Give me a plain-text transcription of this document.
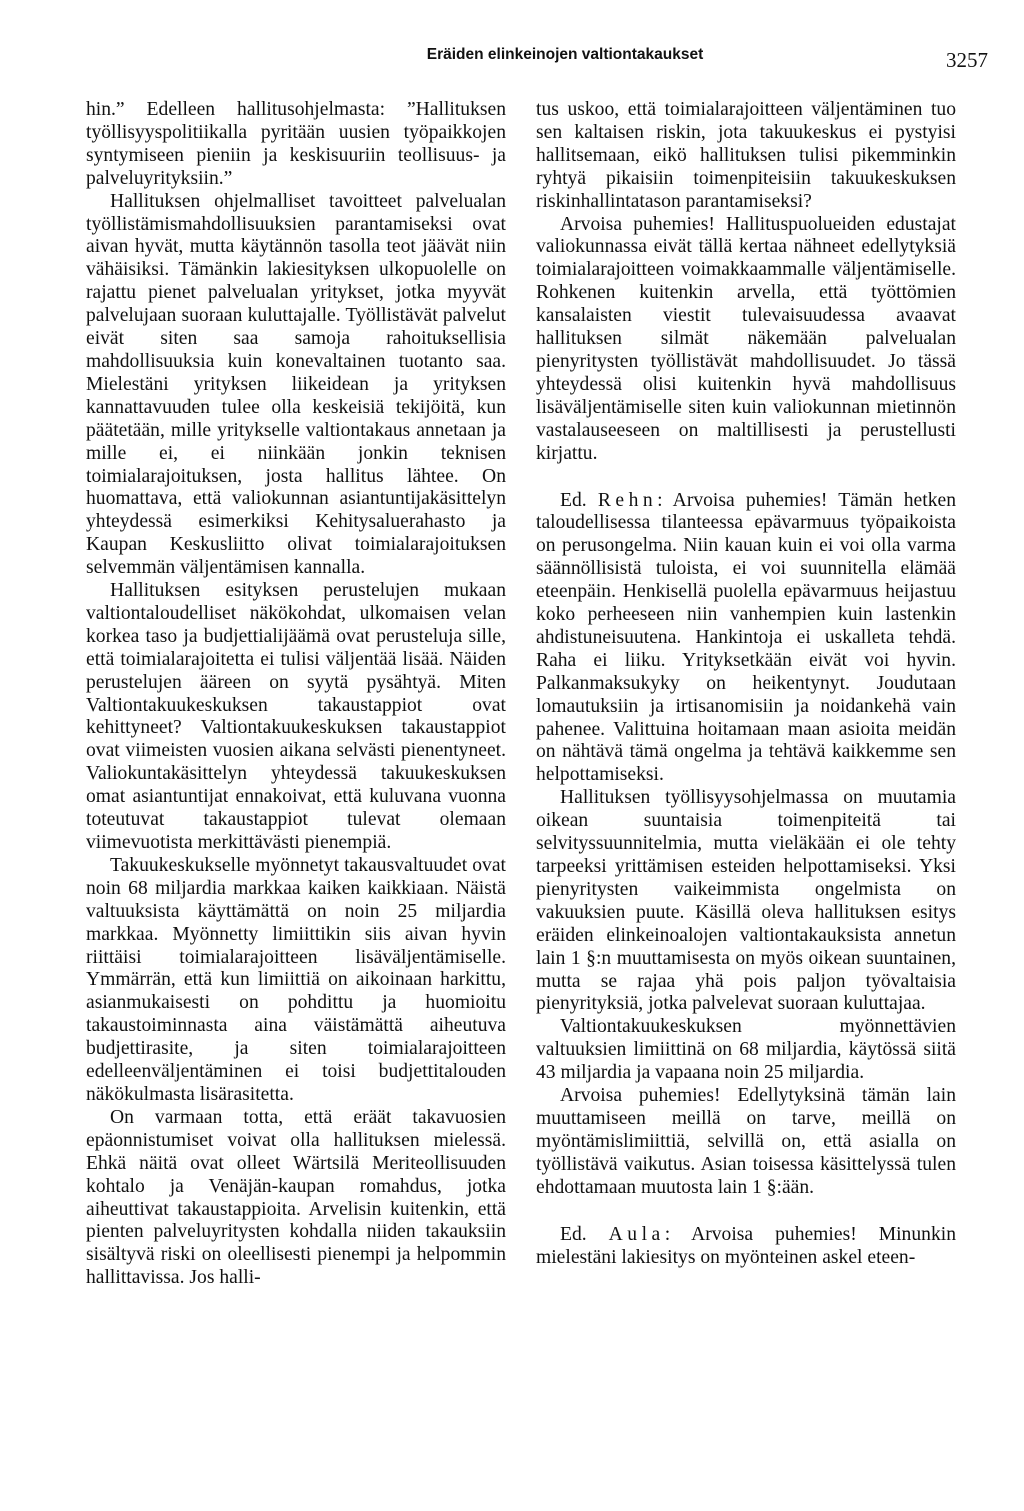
Eräiden elinkeinojen valtiontakaukset	3257

hin.” Edelleen hallitusohjelmasta: ”Hallituksen työllisyyspolitiikalla pyritään uusien työpaikkojen syntymiseen pieniin ja keskisuuriin teollisuus- ja palveluyrityksiin.”

Hallituksen ohjelmalliset tavoitteet palvelualan työllistämismahdollisuuksien parantamiseksi ovat aivan hyvät, mutta käytännön tasolla teot jäävät niin vähäisiksi. Tämänkin lakiesityksen ulkopuolelle on rajattu pienet palvelualan yritykset, jotka myyvät palvelujaan suoraan kuluttajalle. Työllistävät palvelut eivät siten saa samoja rahoituksellisia mahdollisuuksia kuin konevaltainen tuotanto saa. Mielestäni yrityksen liikeidean ja yrityksen kannattavuuden tulee olla keskeisiä tekijöitä, kun päätetään, mille yritykselle valtiontakaus annetaan ja mille ei, ei niinkään jonkin teknisen toimialarajoituksen, josta hallitus lähtee. On huomattava, että valiokunnan asiantuntijakäsittelyn yhteydessä esimerkiksi Kehitysaluerahasto ja Kaupan Keskusliitto olivat toimialarajoituksen selvemmän väljentämisen kannalla.

Hallituksen esityksen perustelujen mukaan valtiontaloudelliset näkökohdat, ulkomaisen velan korkea taso ja budjettialijäämä ovat perusteluja sille, että toimialarajoitetta ei tulisi väljentää lisää. Näiden perustelujen ääreen on syytä pysähtyä. Miten Valtiontakuukeskuksen takaustappiot ovat kehittyneet? Valtiontakuukeskuksen takaustappiot ovat viimeisten vuosien aikana selvästi pienentyneet. Valiokuntakäsittelyn yhteydessä takuukeskuksen omat asiantuntijat ennakoivat, että kuluvana vuonna toteutuvat takaustappiot tulevat olemaan viimevuotista merkittävästi pienempiä.

Takuukeskukselle myönnetyt takausvaltuudet ovat noin 68 miljardia markkaa kaiken kaikkiaan. Näistä valtuuksista käyttämättä on noin 25 miljardia markkaa. Myönnetty limiittikin siis aivan hyvin riittäisi toimialarajoitteen lisäväljentämiselle. Ymmärrän, että kun limiittiä on aikoinaan harkittu, asianmukaisesti on pohdittu ja huomioitu takaustoiminnasta aina väistämättä aiheutuva budjettirasite, ja siten toimialarajoitteen edelleenväljentäminen ei toisi budjettitalouden näkökulmasta lisärasitetta.

On varmaan totta, että eräät takavuosien epäonnistumiset voivat olla hallituksen mielessä. Ehkä näitä ovat olleet Wärtsilä Meriteollisuuden kohtalo ja Venäjän-kaupan romahdus, jotka aiheuttivat takaustappioita. Arvelisin kuitenkin, että pienten palveluyritysten kohdalla niiden takauksiin sisältyvä riski on oleellisesti pienempi ja helpommin hallittavissa. Jos halli-

tus uskoo, että toimialarajoitteen väljentäminen tuo sen kaltaisen riskin, jota takuukeskus ei pystyisi hallitsemaan, eikö hallituksen tulisi pikemminkin ryhtyä pikaisiin toimenpiteisiin takuukeskuksen riskinhallintatason parantamiseksi?

Arvoisa puhemies! Hallituspuolueiden edustajat valiokunnassa eivät tällä kertaa nähneet edellytyksiä toimialarajoitteen voimakkaammalle väljentämiselle. Rohkenen kuitenkin arvella, että työttömien kansalaisten viestit tulevaisuudessa avaavat hallituksen silmät näkemään palvelualan pienyritysten työllistävät mahdollisuudet. Jo tässä yhteydessä olisi kuitenkin hyvä mahdollisuus lisäväljentämiselle siten kuin valiokunnan mietinnön vastalauseeseen on maltillisesti ja perustellusti kirjattu.

Ed. Rehn: Arvoisa puhemies! Tämän hetken taloudellisessa tilanteessa epävarmuus työpaikoista on perusongelma. Niin kauan kuin ei voi olla varma säännöllisistä tuloista, ei voi suunnitella elämää eteenpäin. Henkisellä puolella epävarmuus heijastuu koko perheeseen niin vanhempien kuin lastenkin ahdistuneisuutena. Hankintoja ei uskalleta tehdä. Raha ei liiku. Yrityksetkään eivät voi hyvin. Palkanmaksukyky on heikentynyt. Joudutaan lomautuksiin ja irtisanomisiin ja noidankehä vain pahenee. Valittuina hoitamaan maan asioita meidän on nähtävä tämä ongelma ja tehtävä kaikkemme sen helpottamiseksi.

Hallituksen työllisyysohjelmassa on muutamia oikean suuntaisia toimenpiteitä tai selvityssuunnitelmia, mutta vieläkään ei ole tehty tarpeeksi yrittämisen esteiden helpottamiseksi. Yksi pienyritysten vaikeimmista ongelmista on vakuuksien puute. Käsillä oleva hallituksen esitys eräiden elinkeinoalojen valtiontakauksista annetun lain 1 §:n muuttamisesta on myös oikean suuntainen, mutta se rajaa yhä pois paljon työvaltaisia pienyrityksiä, jotka palvelevat suoraan kuluttajaa.

Valtiontakuukeskuksen myönnettävien valtuuksien limiittinä on 68 miljardia, käytössä siitä 43 miljardia ja vapaana noin 25 miljardia.

Arvoisa puhemies! Edellytyksinä tämän lain muuttamiseen meillä on tarve, meillä on myöntämislimiittiä, selvillä on, että asialla on työllistävä vaikutus. Asian toisessa käsittelyssä tulen ehdottamaan muutosta lain 1 §:ään.

Ed. Aula: Arvoisa puhemies! Minunkin mielestäni lakiesitys on myönteinen askel eteen-
